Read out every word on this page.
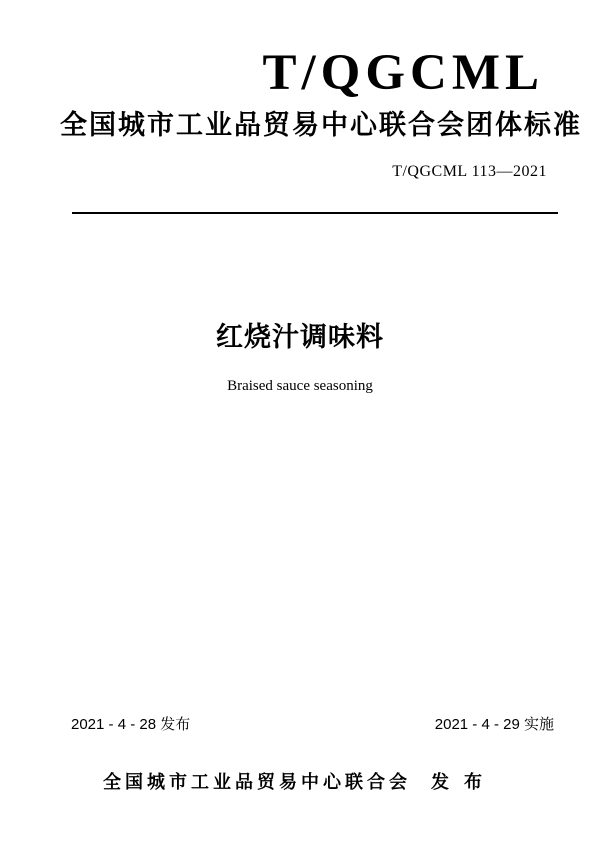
T/QGCML
全国城市工业品贸易中心联合会团体标准
T/QGCML 113—2021
红烧汁调味料
Braised sauce seasoning
2021 - 4 - 28 发布	2021 - 4 - 29 实施
全国城市工业品贸易中心联合会 发布
